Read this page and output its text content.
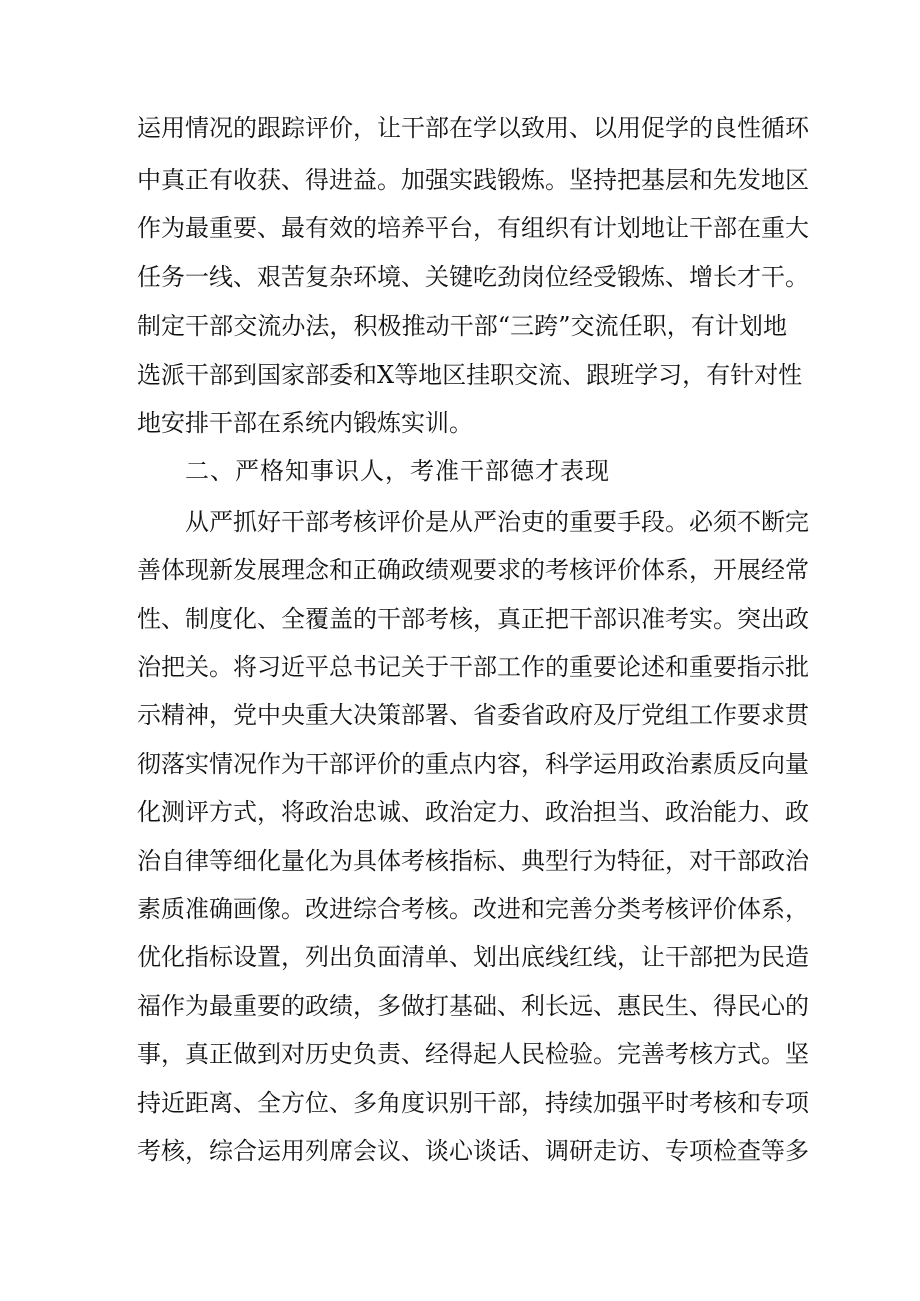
运用情况的跟踪评价，让干部在学以致用、以用促学的良性循环
中真正有收获、得进益。加强实践锻炼。坚持把基层和先发地区
作为最重要、最有效的培养平台，有组织有计划地让干部在重大
任务一线、艰苦复杂环境、关键吃劲岗位经受锻炼、增长才干。
制定干部交流办法，积极推动干部“三跨”交流任职，有计划地
选派干部到国家部委和X等地区挂职交流、跟班学习，有针对性
地安排干部在系统内锻炼实训。
二、严格知事识人，考准干部德才表现
从严抓好干部考核评价是从严治吏的重要手段。必须不断完
善体现新发展理念和正确政绩观要求的考核评价体系，开展经常
性、制度化、全覆盖的干部考核，真正把干部识准考实。突出政
治把关。将习近平总书记关于干部工作的重要论述和重要指示批
示精神，党中央重大决策部署、省委省政府及厅党组工作要求贯
彻落实情况作为干部评价的重点内容，科学运用政治素质反向量
化测评方式，将政治忠诚、政治定力、政治担当、政治能力、政
治自律等细化量化为具体考核指标、典型行为特征，对干部政治
素质准确画像。改进综合考核。改进和完善分类考核评价体系，
优化指标设置，列出负面清单、划出底线红线，让干部把为民造
福作为最重要的政绩，多做打基础、利长远、惠民生、得民心的
事，真正做到对历史负责、经得起人民检验。完善考核方式。坚
持近距离、全方位、多角度识别干部，持续加强平时考核和专项
考核，综合运用列席会议、谈心谈话、调研走访、专项检查等多
